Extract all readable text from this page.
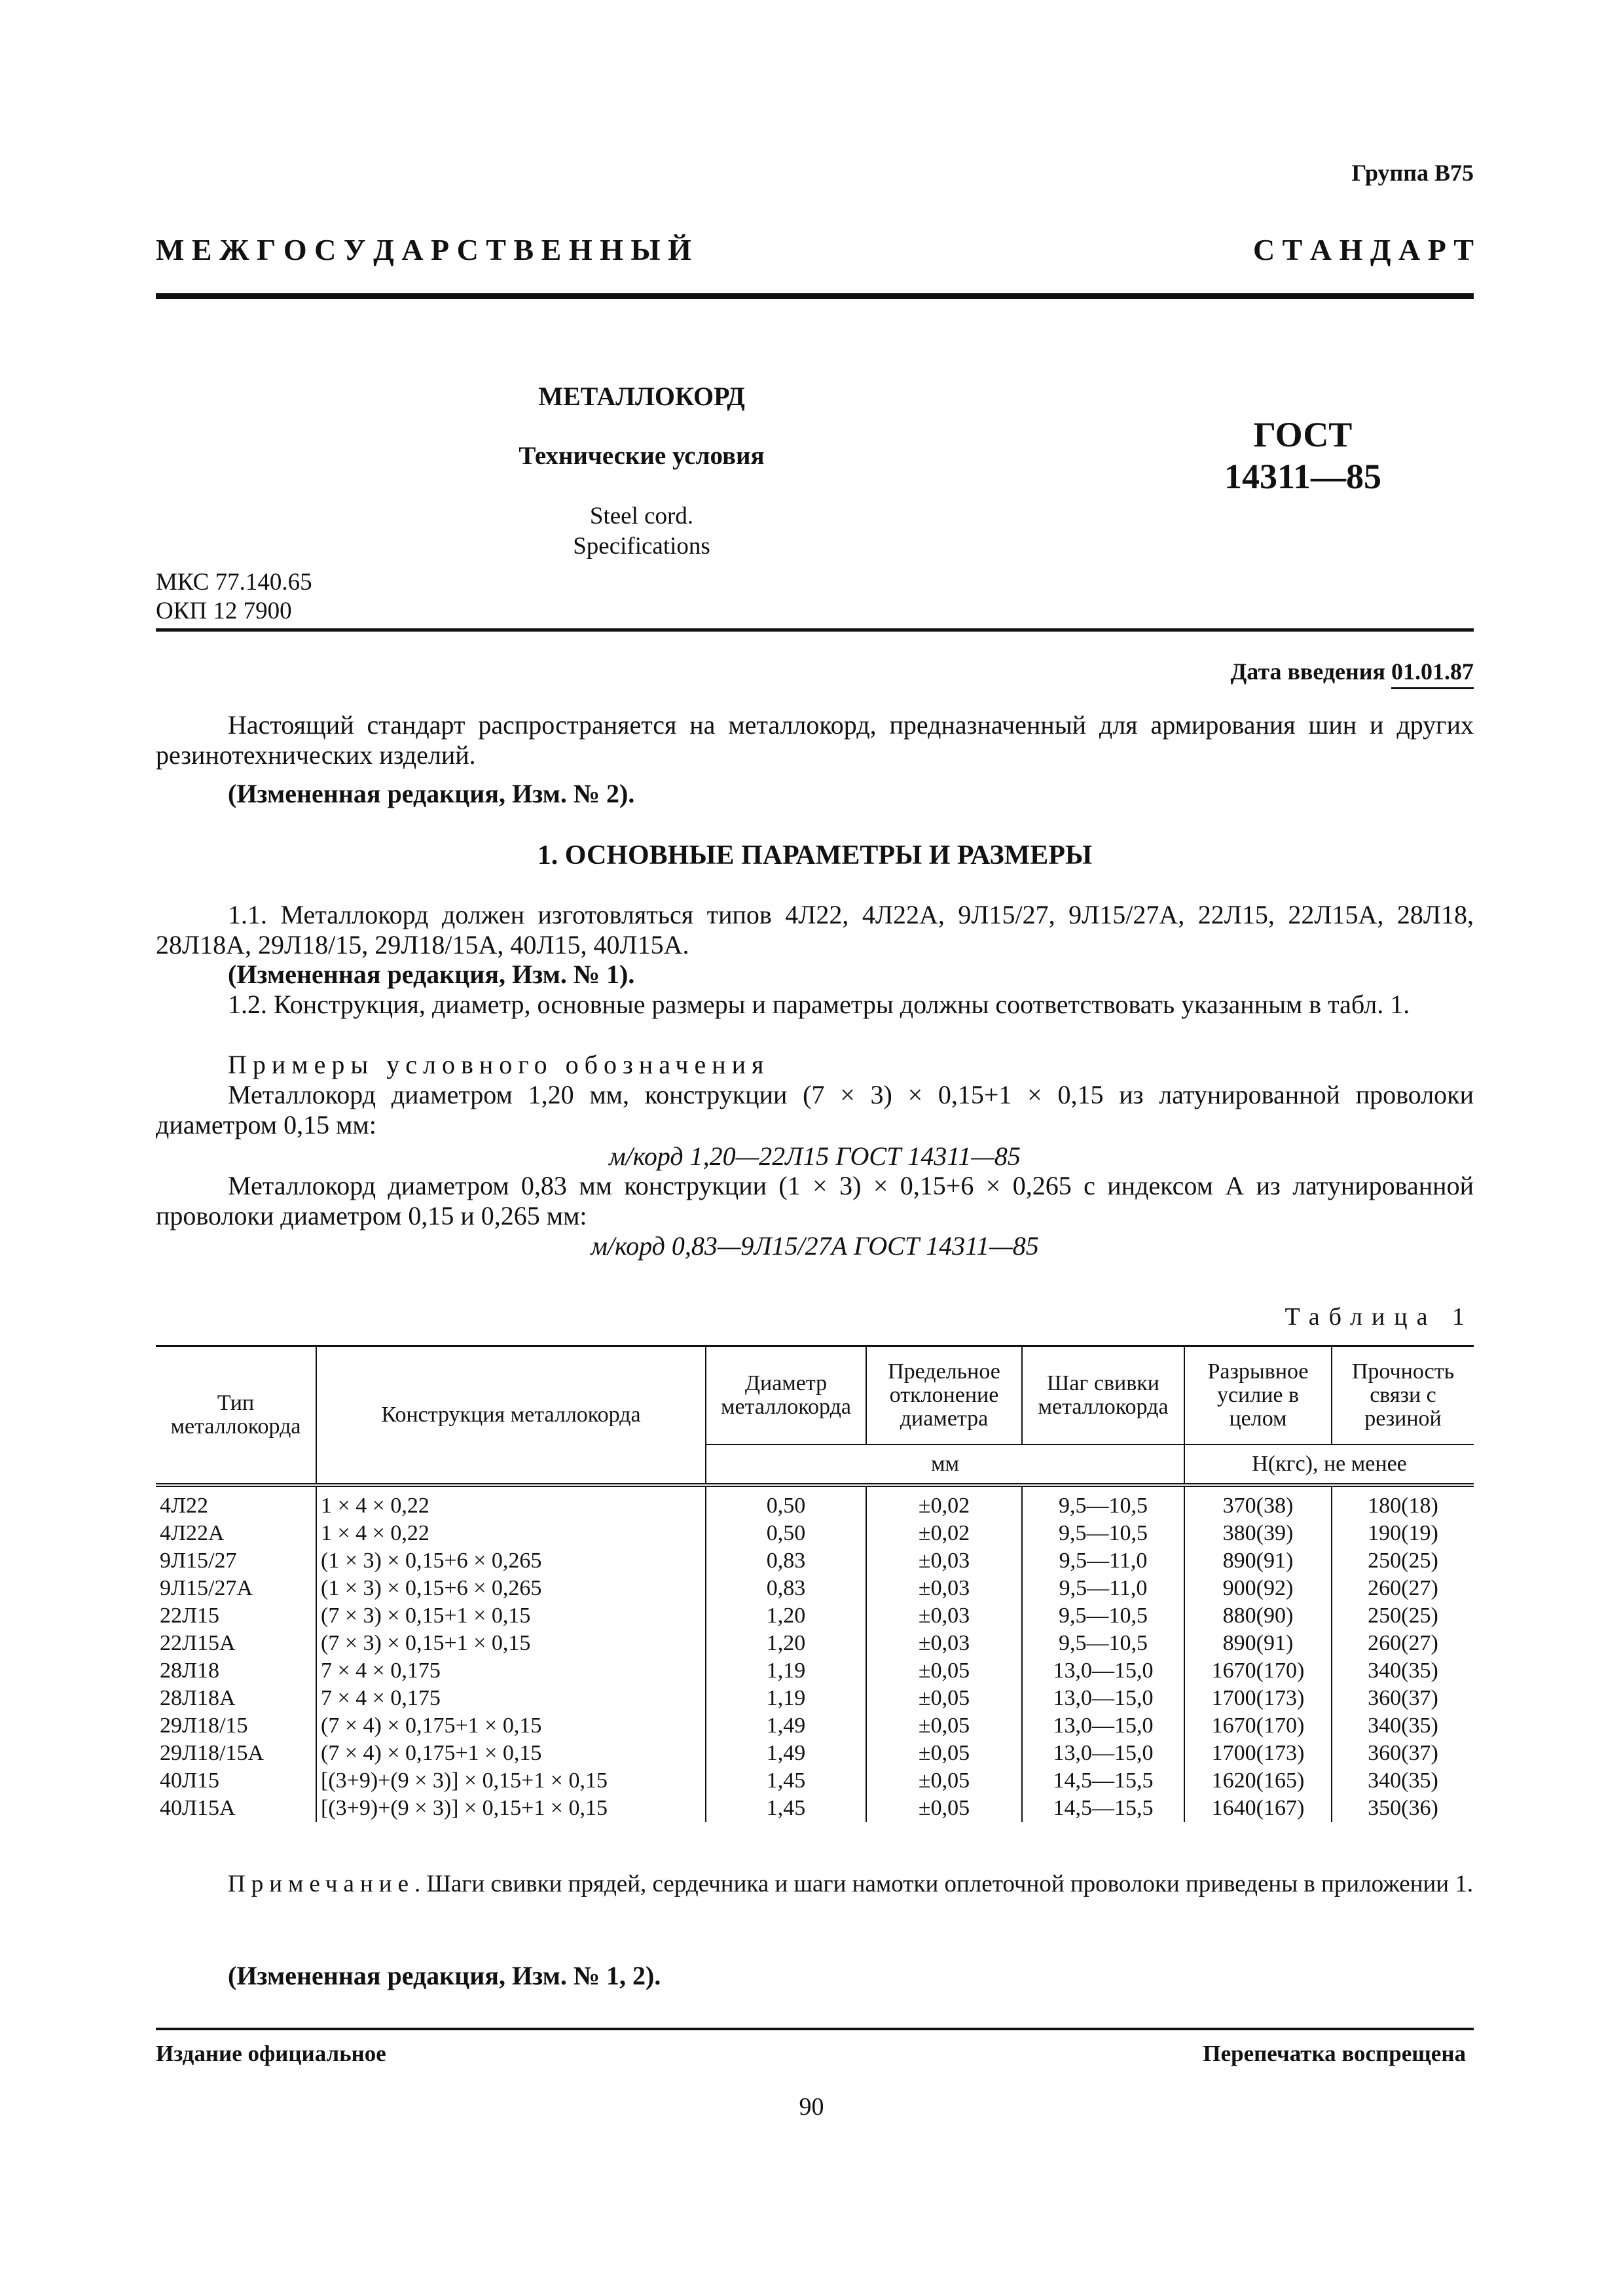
Группа В75
М Е Ж Г О С У Д А Р С Т В Е Н Н Ы Й	С Т А Н Д А Р Т
МЕТАЛЛОКОРД
Технические условия
Steel cord.
Specifications
ГОСТ
14311—85
МКС 77.140.65
ОКП 12 7900
Дата введения 01.01.87
Настоящий стандарт распространяется на металлокорд, предназначенный для армирования шин и других резинотехнических изделий.
(Измененная редакция, Изм. № 2).
1. ОСНОВНЫЕ ПАРАМЕТРЫ И РАЗМЕРЫ
1.1. Металлокорд должен изготовляться типов 4Л22, 4Л22А, 9Л15/27, 9Л15/27А, 22Л15, 22Л15А, 28Л18, 28Л18А, 29Л18/15, 29Л18/15А, 40Л15, 40Л15А.
(Измененная редакция, Изм. № 1).
1.2. Конструкция, диаметр, основные размеры и параметры должны соответствовать указанным в табл. 1.
Примеры условного обозначения
Металлокорд диаметром 1,20 мм, конструкции (7 × 3) × 0,15+1 × 0,15 из латунированной проволоки диаметром 0,15 мм:
м/корд 1,20—22Л15 ГОСТ 14311—85
Металлокорд диаметром 0,83 мм конструкции (1 × 3) × 0,15+6 × 0,265 с индексом А из латунированной проволоки диаметром 0,15 и 0,265 мм:
м/корд 0,83—9Л15/27А ГОСТ 14311—85
Таблица 1
Тип металлокорда	Конструкция металлокорда	Диаметр металлокорда	Предельное отклонение диаметра	Шаг свивки металлокорда	Разрывное усилие в целом	Прочность связи с резиной
		мм			Н(кгс), не менее	
4Л22	1 × 4 × 0,22	0,50	±0,02	9,5—10,5	370(38)	180(18)
4Л22А	1 × 4 × 0,22	0,50	±0,02	9,5—10,5	380(39)	190(19)
9Л15/27	(1 × 3) × 0,15+6 × 0,265	0,83	±0,03	9,5—11,0	890(91)	250(25)
9Л15/27А	(1 × 3) × 0,15+6 × 0,265	0,83	±0,03	9,5—11,0	900(92)	260(27)
22Л15	(7 × 3) × 0,15+1 × 0,15	1,20	±0,03	9,5—10,5	880(90)	250(25)
22Л15А	(7 × 3) × 0,15+1 × 0,15	1,20	±0,03	9,5—10,5	890(91)	260(27)
28Л18	7 × 4 × 0,175	1,19	±0,05	13,0—15,0	1670(170)	340(35)
28Л18А	7 × 4 × 0,175	1,19	±0,05	13,0—15,0	1700(173)	360(37)
29Л18/15	(7 × 4) × 0,175+1 × 0,15	1,49	±0,05	13,0—15,0	1670(170)	340(35)
29Л18/15А	(7 × 4) × 0,175+1 × 0,15	1,49	±0,05	13,0—15,0	1700(173)	360(37)
40Л15	[(3+9)+(9 × 3)] × 0,15+1 × 0,15	1,45	±0,05	14,5—15,5	1620(165)	340(35)
40Л15А	[(3+9)+(9 × 3)] × 0,15+1 × 0,15	1,45	±0,05	14,5—15,5	1640(167)	350(36)
Примечание. Шаги свивки прядей, сердечника и шаги намотки оплеточной проволоки приведены в приложении 1.
(Измененная редакция, Изм. № 1, 2).
Издание официальное	Перепечатка воспрещена
90
